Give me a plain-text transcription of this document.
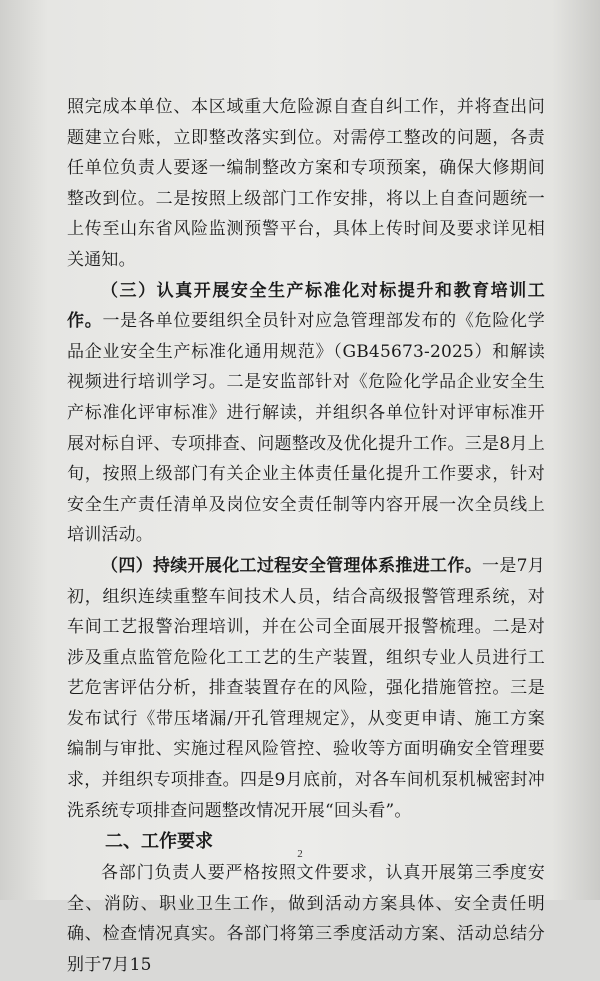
照完成本单位、本区域重大危险源自查自纠工作，并将查出问题建立台账，立即整改落实到位。对需停工整改的问题，各责任单位负责人要逐一编制整改方案和专项预案，确保大修期间整改到位。二是按照上级部门工作安排，将以上自查问题统一上传至山东省风险监测预警平台，具体上传时间及要求详见相关通知。

（三）认真开展安全生产标准化对标提升和教育培训工作。一是各单位要组织全员针对应急管理部发布的《危险化学品企业安全生产标准化通用规范》（GB45673-2025）和解读视频进行培训学习。二是安监部针对《危险化学品企业安全生产标准化评审标准》进行解读，并组织各单位针对评审标准开展对标自评、专项排查、问题整改及优化提升工作。三是8月上旬，按照上级部门有关企业主体责任量化提升工作要求，针对安全生产责任清单及岗位安全责任制等内容开展一次全员线上培训活动。

（四）持续开展化工过程安全管理体系推进工作。一是7月初，组织连续重整车间技术人员，结合高级报警管理系统，对车间工艺报警治理培训，并在公司全面展开报警梳理。二是对涉及重点监管危险化工工艺的生产装置，组织专业人员进行工艺危害评估分析，排查装置存在的风险，强化措施管控。三是发布试行《带压堵漏/开孔管理规定》，从变更申请、施工方案编制与审批、实施过程风险管控、验收等方面明确安全管理要求，并组织专项排查。四是9月底前，对各车间机泵机械密封冲洗系统专项排查问题整改情况开展“回头看”。

二、工作要求

各部门负责人要严格按照文件要求，认真开展第三季度安全、消防、职业卫生工作，做到活动方案具体、安全责任明确、检查情况真实。各部门将第三季度活动方案、活动总结分别于7月15

2
